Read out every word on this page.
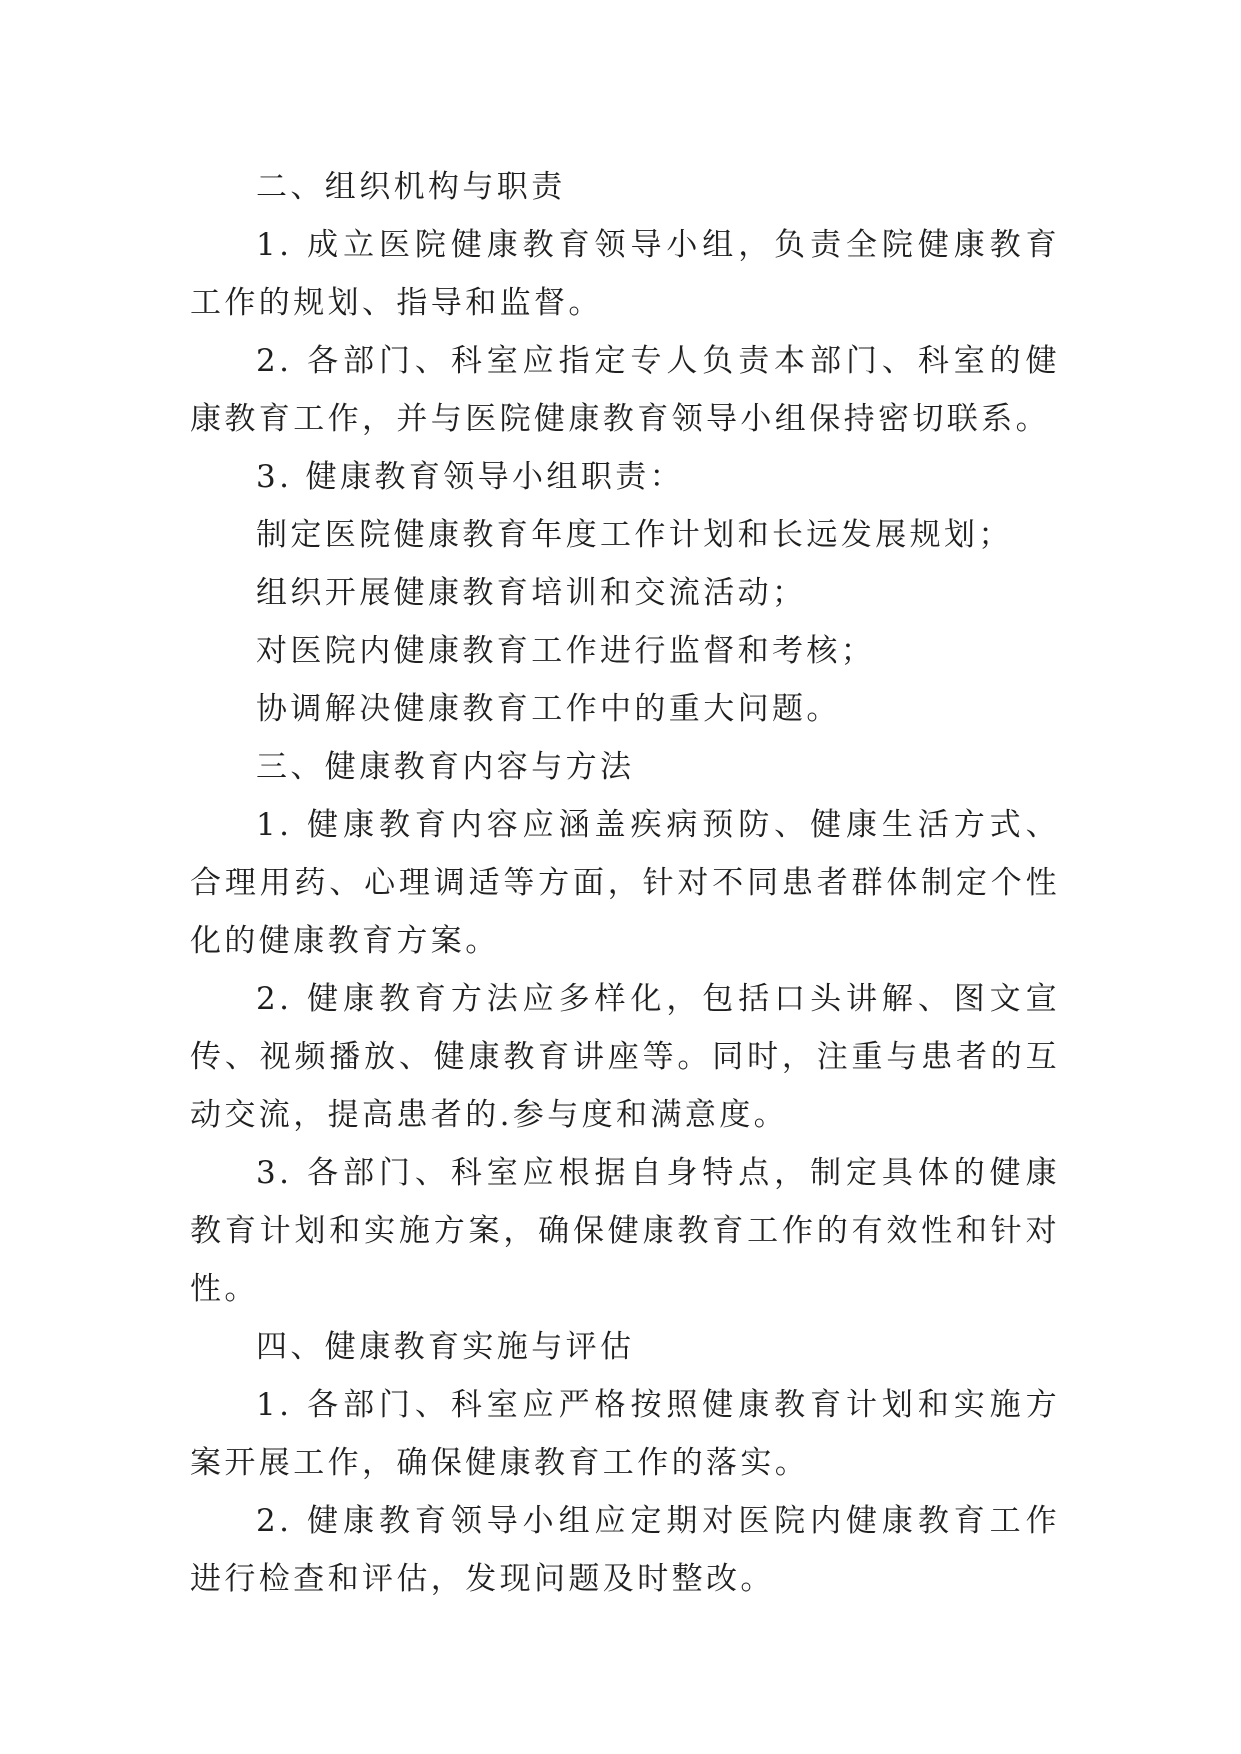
二、组织机构与职责

1. 成立医院健康教育领导小组，负责全院健康教育工作的规划、指导和监督。

2. 各部门、科室应指定专人负责本部门、科室的健康教育工作，并与医院健康教育领导小组保持密切联系。

3. 健康教育领导小组职责：

制定医院健康教育年度工作计划和长远发展规划；

组织开展健康教育培训和交流活动；

对医院内健康教育工作进行监督和考核；

协调解决健康教育工作中的重大问题。

三、健康教育内容与方法

1. 健康教育内容应涵盖疾病预防、健康生活方式、合理用药、心理调适等方面，针对不同患者群体制定个性化的健康教育方案。

2. 健康教育方法应多样化，包括口头讲解、图文宣传、视频播放、健康教育讲座等。同时，注重与患者的互动交流，提高患者的.参与度和满意度。

3. 各部门、科室应根据自身特点，制定具体的健康教育计划和实施方案，确保健康教育工作的有效性和针对性。

四、健康教育实施与评估

1. 各部门、科室应严格按照健康教育计划和实施方案开展工作，确保健康教育工作的落实。

2. 健康教育领导小组应定期对医院内健康教育工作进行检查和评估，发现问题及时整改。
